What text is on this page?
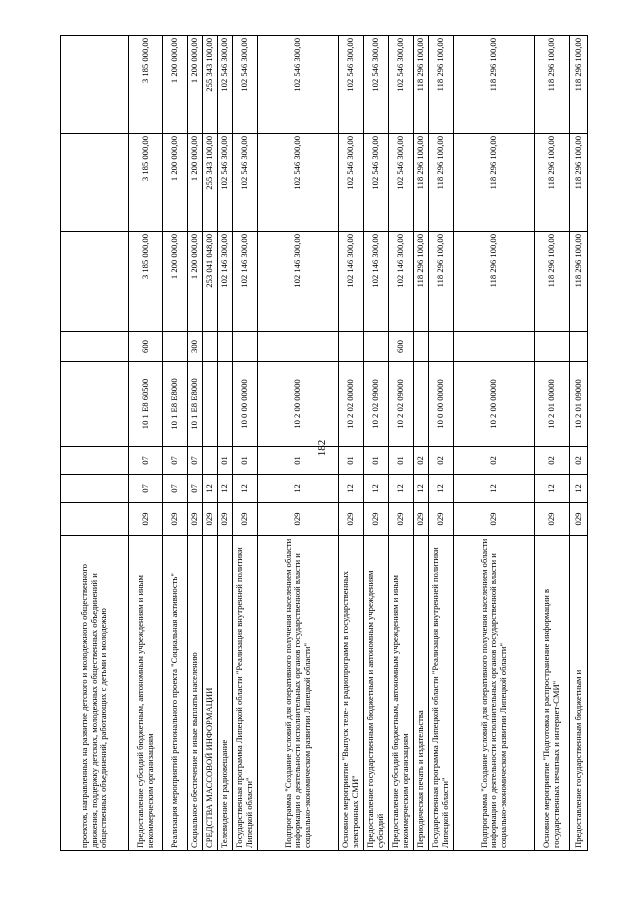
182
проектов, направленных на развитие детского и молодежного общественного движения, поддержку детских, молодежных общественных объединений и общественных объединений, работающих с детьми и молодежью								
Предоставление субсидий бюджетным, автономным учреждениям и иным некоммерческим организациям	029	07	07	10 1 E8 60500	600	3 185 000,00	3 185 000,00	3 185 000,00
Реализация мероприятий регионального проекта "Социальная активность"	029	07	07	10 1 E8 E8000		1 200 000,00	1 200 000,00	1 200 000,00
Социальное обеспечение и иные выплаты населению	029	07	07	10 1 E8 E8000	300	1 200 000,00	1 200 000,00	1 200 000,00
СРЕДСТВА МАССОВОЙ ИНФОРМАЦИИ	029	12				253 041 048,00	255 343 100,00	255 343 100,00
Телевидение и радиовещание	029	12	01			102 146 300,00	102 546 300,00	102 546 300,00
Государственная программа Липецкой области "Реализация внутренней политики Липецкой области"	029	12	01	10 0 00 00000		102 146 300,00	102 546 300,00	102 546 300,00
Подпрограмма "Создание условий для оперативного получения населением области информации о деятельности исполнительных органов государственной власти и социально-экономическом развитии Липецкой области"	029	12	01	10 2 00 00000		102 146 300,00	102 546 300,00	102 546 300,00
Основное мероприятие "Выпуск теле- и радиопрограмм в государственных электронных СМИ"	029	12	01	10 2 02 00000		102 146 300,00	102 546 300,00	102 546 300,00
Предоставление государственным бюджетным и автономным учреждениям субсидий	029	12	01	10 2 02 09000		102 146 300,00	102 546 300,00	102 546 300,00
Предоставление субсидий бюджетным, автономным учреждениям и иным некоммерческим организациям	029	12	01	10 2 02 09000	600	102 146 300,00	102 546 300,00	102 546 300,00
Периодическая печать и издательства	029	12	02			118 296 100,00	118 296 100,00	118 296 100,00
Государственная программа Липецкой области "Реализация внутренней политики Липецкой области"	029	12	02	10 0 00 00000		118 296 100,00	118 296 100,00	118 296 100,00
Подпрограмма "Создание условий для оперативного получения населением области информации о деятельности исполнительных органов государственной власти и социально-экономическом развитии Липецкой области"	029	12	02	10 2 00 00000		118 296 100,00	118 296 100,00	118 296 100,00
Основное мероприятие "Подготовка и распространение информации в государственных печатных и интернет-СМИ"	029	12	02	10 2 01 00000		118 296 100,00	118 296 100,00	118 296 100,00
Предоставление государственным бюджетным и	029	12	02	10 2 01 09000		118 296 100,00	118 296 100,00	118 296 100,00
